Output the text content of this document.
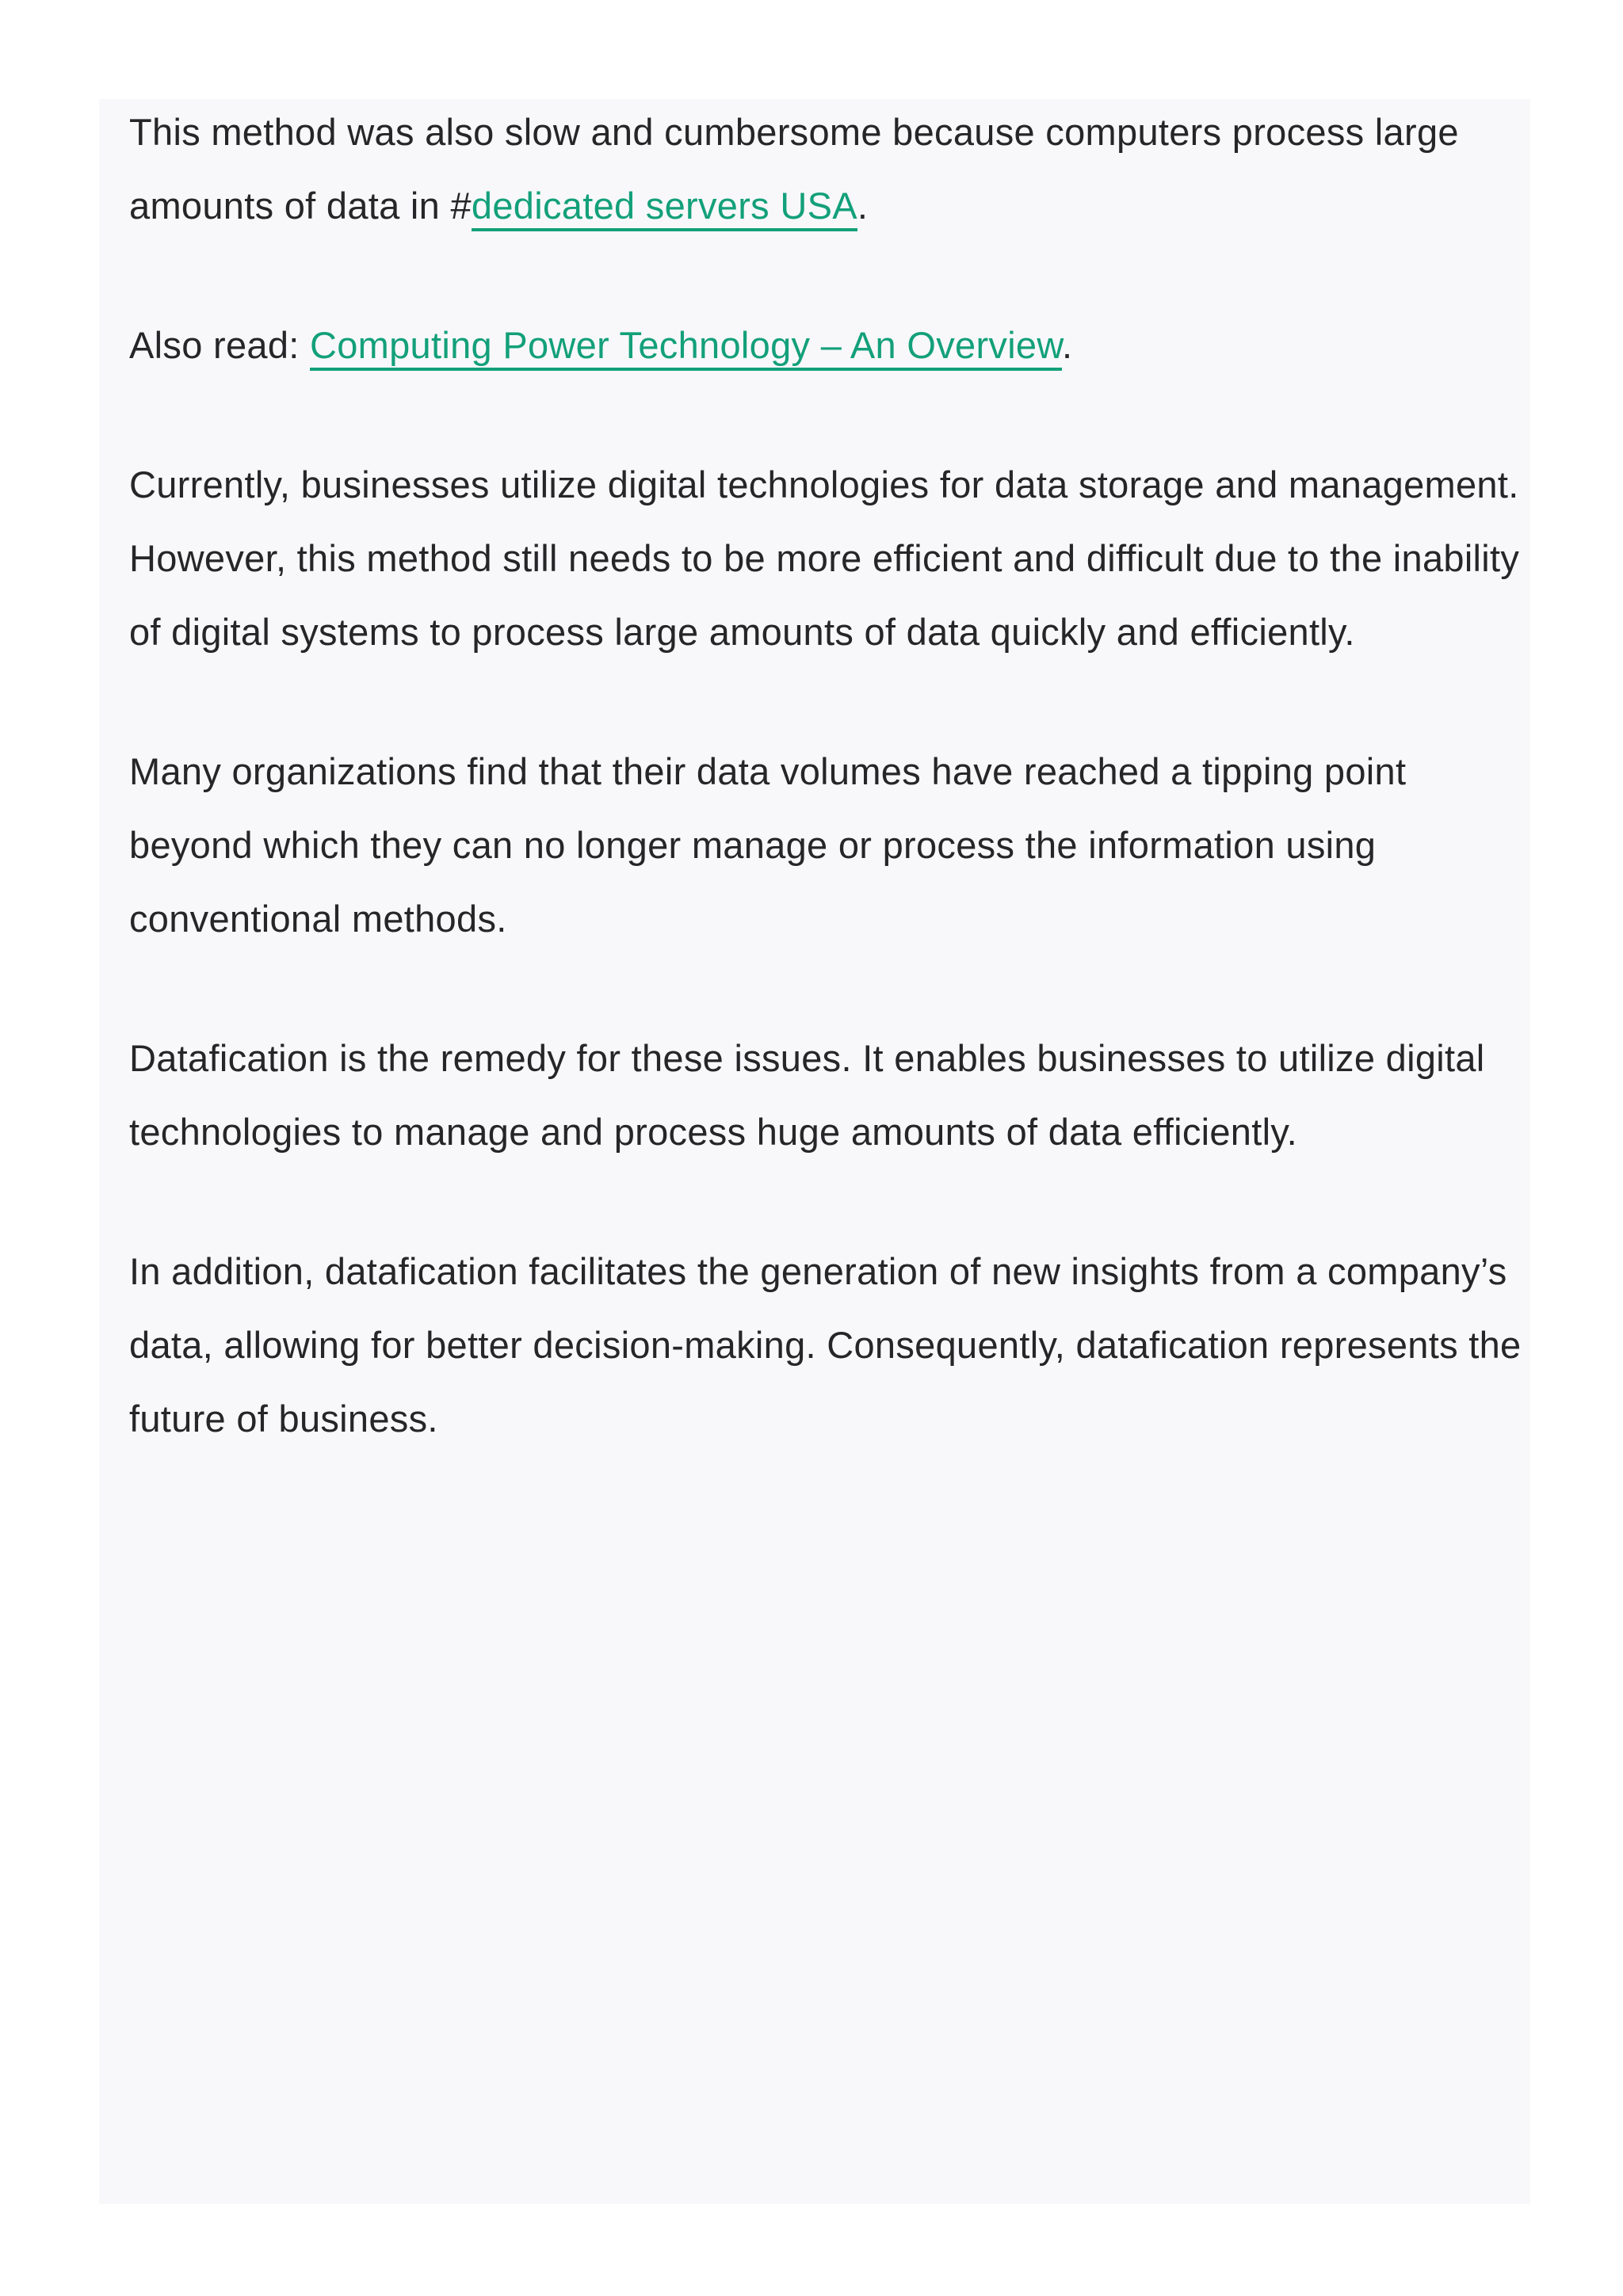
This method was also slow and cumbersome because computers process large amounts of data in #dedicated servers USA.

Also read: Computing Power Technology – An Overview.

Currently, businesses utilize digital technologies for data storage and management. However, this method still needs to be more efficient and difficult due to the inability of digital systems to process large amounts of data quickly and efficiently.

Many organizations find that their data volumes have reached a tipping point beyond which they can no longer manage or process the information using conventional methods.

Datafication is the remedy for these issues. It enables businesses to utilize digital technologies to manage and process huge amounts of data efficiently.

In addition, datafication facilitates the generation of new insights from a company’s data, allowing for better decision-making. Consequently, datafication represents the future of business.
